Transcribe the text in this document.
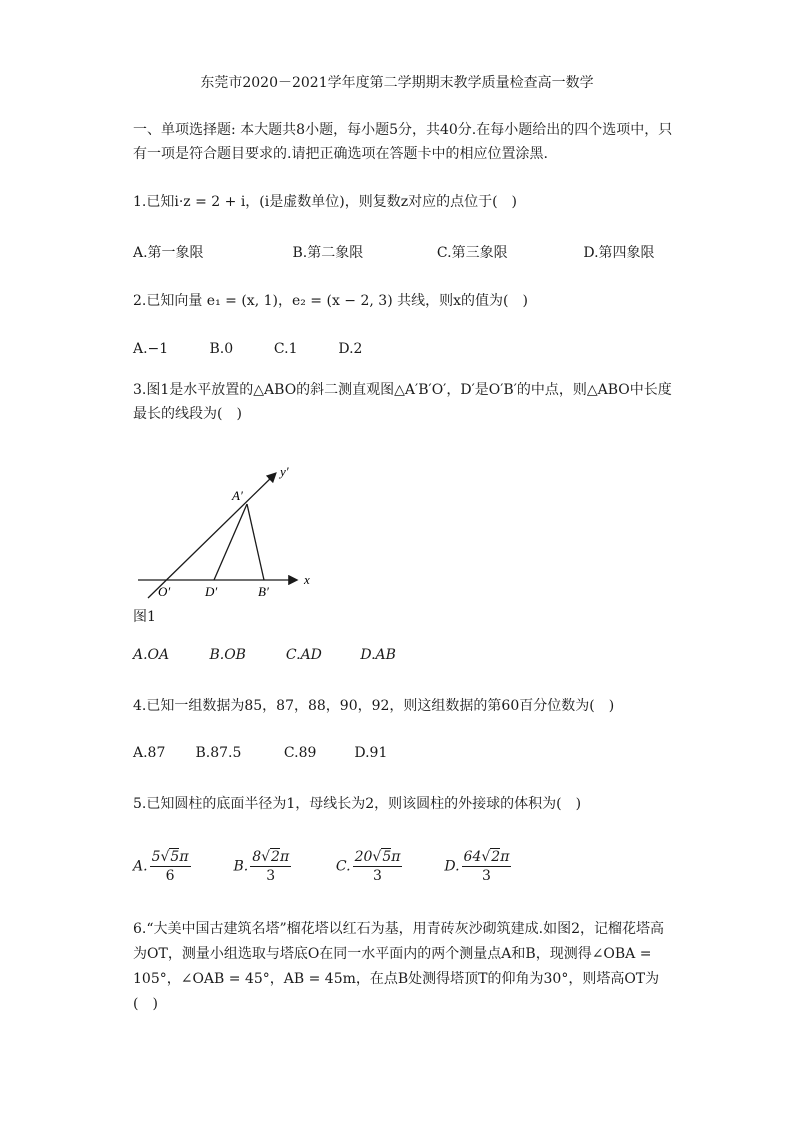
东莞市2020－2021学年度第二学期期末教学质量检查高一数学
一、单项选择题: 本大题共8小题，每小题5分，共40分.在每小题给出的四个选项中，只有一项是符合题目要求的.请把正确选项在答题卡中的相应位置涂黑.
1.已知i·z = 2 + i，(i是虚数单位)，则复数z对应的点位于(　)
A.第一象限	B.第二象限	C.第三象限	D.第四象限
2.已知向量 e₁ = (x, 1)，e₂ = (x − 2, 3) 共线，则x的值为(　)
A.−1	B.0	C.1	D.2
3.图1是水平放置的△ABO的斜二测直观图△A′B′O′，D′是O′B′的中点，则△ABO中长度最长的线段为(　)
A′
O′	D′	B′
x
y′
图1
A.OA	B.OB	C.AD	D.AB
4.已知一组数据为85，87，88，90，92，则这组数据的第60百分位数为(　)
A.87 B.87.5	C.89	D.91
5.已知圆柱的底面半径为1，母线长为2，则该圆柱的外接球的体积为(　)
A. $\frac{5√5\pi}{6}$	B. $\frac{8√2\pi}{3}$	C. $\frac{20√5\pi}{3}$	D. $\frac{64√2\pi}{3}$
6.“大美中国古建筑名塔”榴花塔以红石为基，用青砖灰沙砌筑建成.如图2，记榴花塔高为OT，测量小组选取与塔底O在同一水平面内的两个测量点A和B，现测得∠OBA = 105°，∠OAB = 45°，AB = 45m，在点B处测得塔顶T的仰角为30°，则塔高OT为(　)
